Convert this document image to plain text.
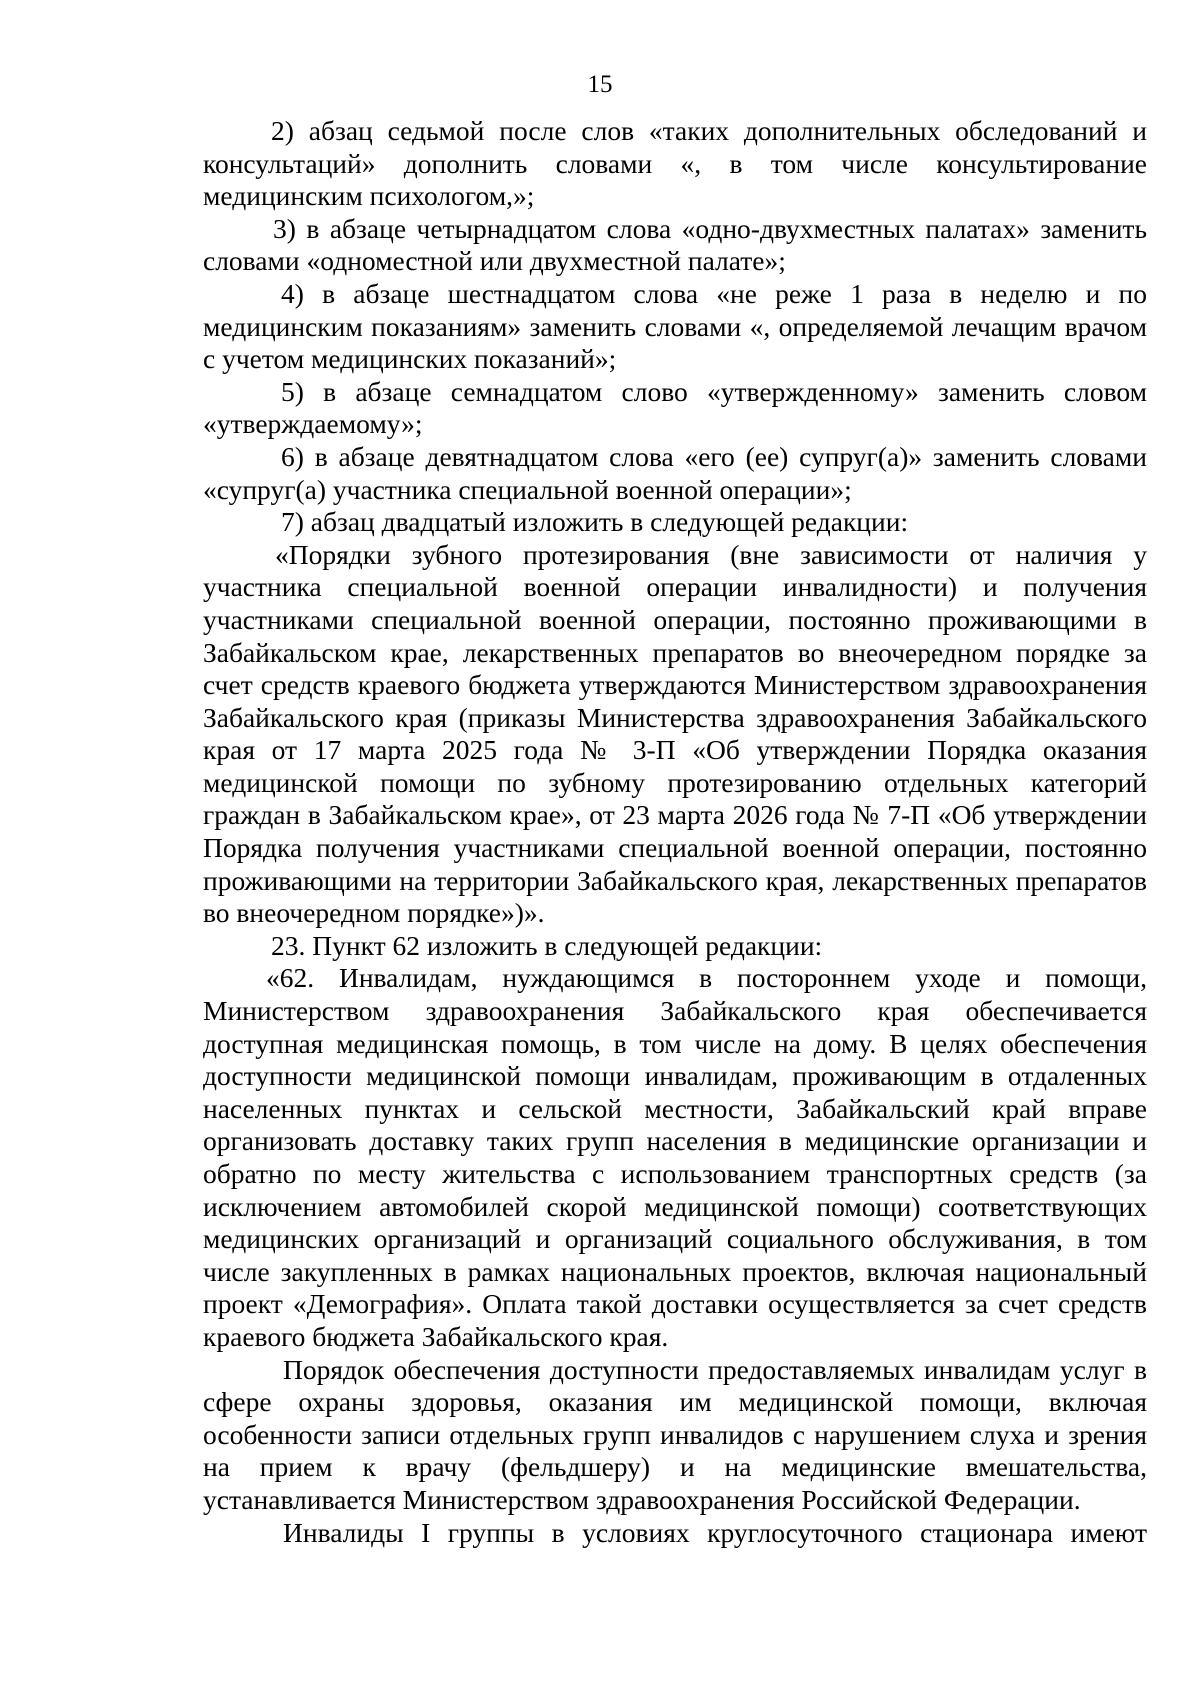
15

2) абзац седьмой после слов «таких дополнительных обследований и консультаций» дополнить словами «, в том числе консультирование медицинским психологом,»;

3) в абзаце четырнадцатом слова «одно-двухместных палатах» заменить словами «одноместной или двухместной палате»;

4) в абзаце шестнадцатом слова «не реже 1 раза в неделю и по медицинским показаниям» заменить словами «, определяемой лечащим врачом с учетом медицинских показаний»;

5) в абзаце семнадцатом слово «утвержденному» заменить словом «утверждаемому»;

6) в абзаце девятнадцатом слова «его (ее) супруг(а)» заменить словами «супруг(а) участника специальной военной операции»;

7) абзац двадцатый изложить в следующей редакции:

«Порядки зубного протезирования (вне зависимости от наличия у участника специальной военной операции инвалидности) и получения участниками специальной военной операции, постоянно проживающими в Забайкальском крае, лекарственных препаратов во внеочередном порядке за счет средств краевого бюджета утверждаются Министерством здравоохранения Забайкальского края (приказы Министерства здравоохранения Забайкальского края от 17 марта 2025 года № 3-П «Об утверждении Порядка оказания медицинской помощи по зубному протезированию отдельных категорий граждан в Забайкальском крае», от 23 марта 2026 года № 7-П «Об утверждении Порядка получения участниками специальной военной операции, постоянно проживающими на территории Забайкальского края, лекарственных препаратов во внеочередном порядке»)».

23. Пункт 62 изложить в следующей редакции:

«62. Инвалидам, нуждающимся в постороннем уходе и помощи, Министерством здравоохранения Забайкальского края обеспечивается доступная медицинская помощь, в том числе на дому. В целях обеспечения доступности медицинской помощи инвалидам, проживающим в отдаленных населенных пунктах и сельской местности, Забайкальский край вправе организовать доставку таких групп населения в медицинские организации и обратно по месту жительства с использованием транспортных средств (за исключением автомобилей скорой медицинской помощи) соответствующих медицинских организаций и организаций социального обслуживания, в том числе закупленных в рамках национальных проектов, включая национальный проект «Демография». Оплата такой доставки осуществляется за счет средств краевого бюджета Забайкальского края.

Порядок обеспечения доступности предоставляемых инвалидам услуг в сфере охраны здоровья, оказания им медицинской помощи, включая особенности записи отдельных групп инвалидов с нарушением слуха и зрения на прием к врачу (фельдшеру) и на медицинские вмешательства, устанавливается Министерством здравоохранения Российской Федерации.

Инвалиды I группы в условиях круглосуточного стационара имеют
